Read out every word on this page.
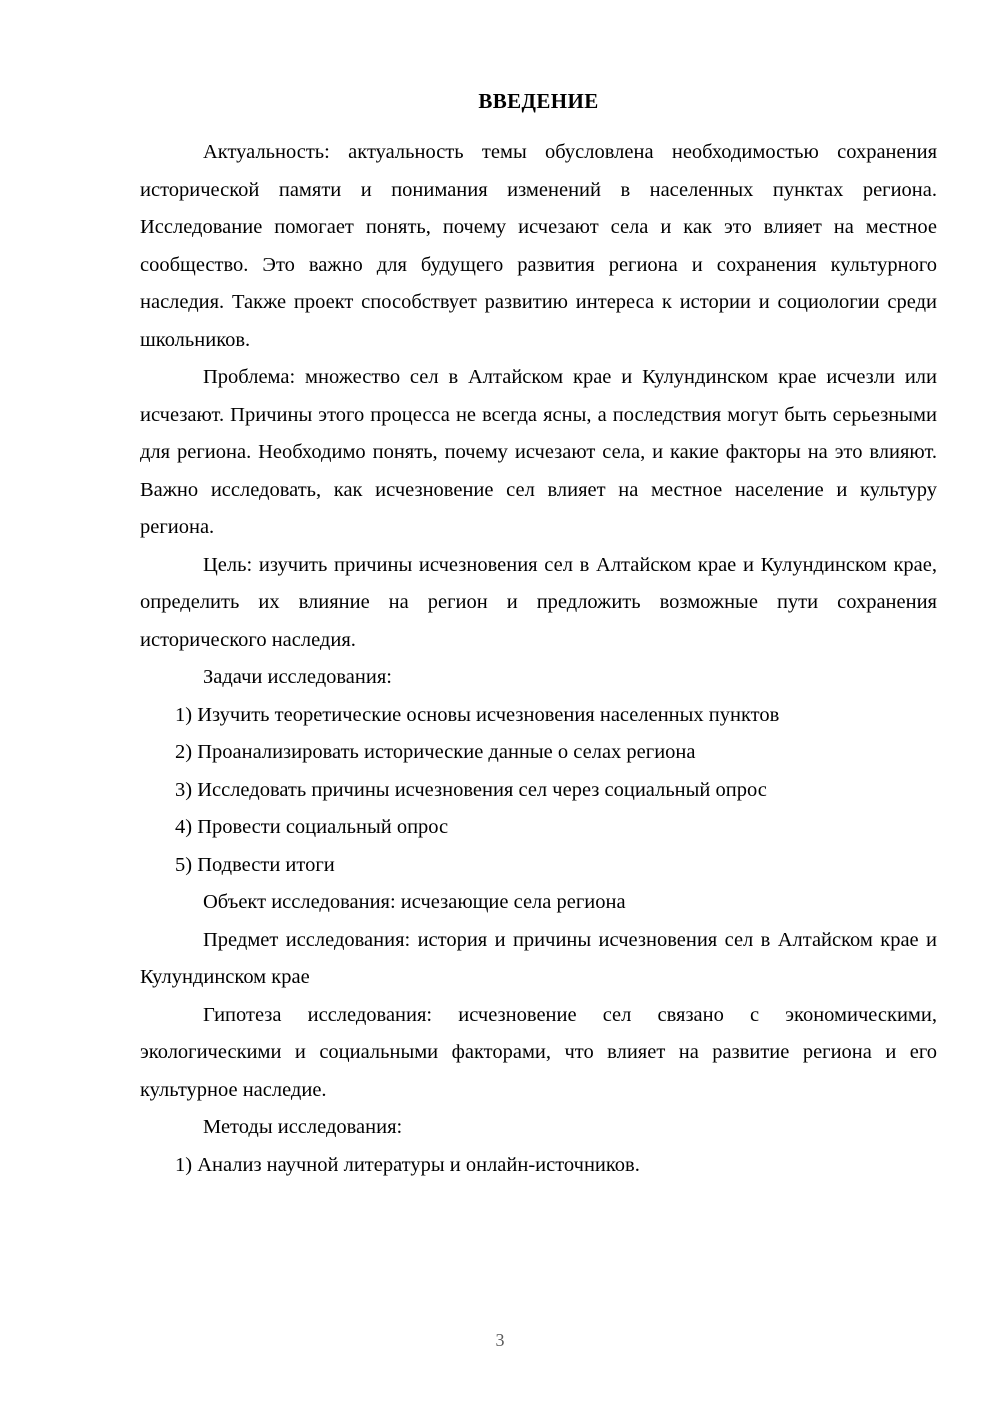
ВВЕДЕНИЕ

Актуальность: актуальность темы обусловлена необходимостью сохранения исторической памяти и понимания изменений в населенных пунктах региона. Исследование помогает понять, почему исчезают села и как это влияет на местное сообщество. Это важно для будущего развития региона и сохранения культурного наследия. Также проект способствует развитию интереса к истории и социологии среди школьников.

Проблема: множество сел в Алтайском крае и Кулундинском крае исчезли или исчезают. Причины этого процесса не всегда ясны, а последствия могут быть серьезными для региона. Необходимо понять, почему исчезают села, и какие факторы на это влияют. Важно исследовать, как исчезновение сел влияет на местное население и культуру региона.

Цель: изучить причины исчезновения сел в Алтайском крае и Кулундинском крае, определить их влияние на регион и предложить возможные пути сохранения исторического наследия.

Задачи исследования:

1) Изучить теоретические основы исчезновения населенных пунктов

2) Проанализировать исторические данные о селах региона

3) Исследовать причины исчезновения сел через социальный опрос

4) Провести социальный опрос

5) Подвести итоги

Объект исследования: исчезающие села региона

Предмет исследования: история и причины исчезновения сел в Алтайском крае и Кулундинском крае

Гипотеза исследования: исчезновение сел связано с экономическими, экологическими и социальными факторами, что влияет на развитие региона и его культурное наследие.

Методы исследования:

1) Анализ научной литературы и онлайн-источников.

3
